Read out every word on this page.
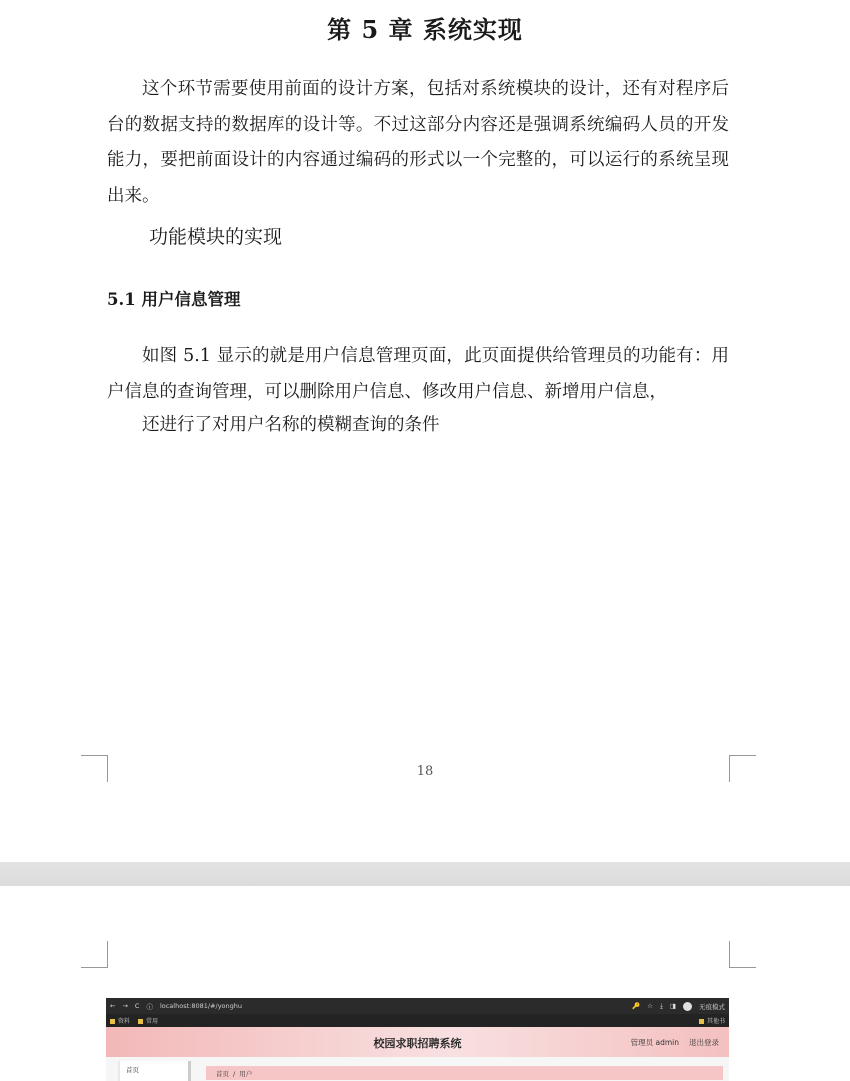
第 5 章 系统实现

这个环节需要使用前面的设计方案，包括对系统模块的设计，还有对程序后台的数据支持的数据库的设计等。不过这部分内容还是强调系统编码人员的开发能力，要把前面设计的内容通过编码的形式以一个完整的，可以运行的系统呈现出来。

功能模块的实现
5.1 用户信息管理

如图 5.1 显示的就是用户信息管理页面，此页面提供给管理员的功能有：用户信息的查询管理，可以删除用户信息、修改用户信息、新增用户信息，

还进行了对用户名称的模糊查询的条件

18
← → C ⓘ localhost:8081/#/yonghu	🔑 ☆ ⤓ ◨	无痕模式
资料	常用	其他书
校园求职招聘系统	管理员 admin 退出登录
首页	首页 / 用户
